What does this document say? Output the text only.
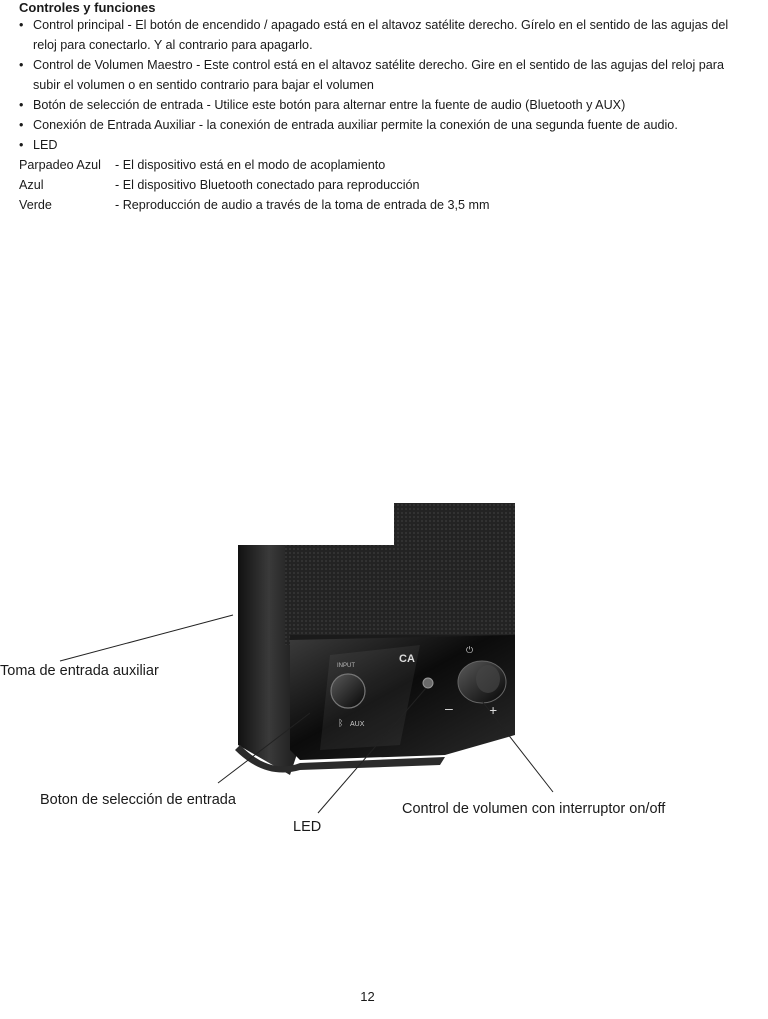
Controles y funciones
• Control principal - El botón de encendido / apagado está en el altavoz satélite derecho. Gírelo en el sentido de las agujas del reloj para conectarlo. Y al contrario para apagarlo.
• Control de Volumen Maestro - Este control está en el altavoz satélite derecho. Gire en el sentido de las agujas del reloj para subir el volumen o en sentido contrario para bajar el volumen
• Botón de selección de entrada - Utilice este botón para alternar entre la fuente de audio (Bluetooth y AUX)
• Conexión de Entrada Auxiliar - la conexión de entrada auxiliar permite la conexión de una segunda fuente de audio.
• LED
Parpadeo Azul	- El dispositivo está en el modo de acoplamiento
Azul	- El dispositivo Bluetooth conectado para reproducción
Verde	- Reproducción de audio a través de la toma de entrada de 3,5 mm
INPUT
ᛒ AUX
CA
⏻
–	+
Toma de entrada auxiliar
Boton de selección de entrada
LED
Control de volumen con interruptor on/off
12
